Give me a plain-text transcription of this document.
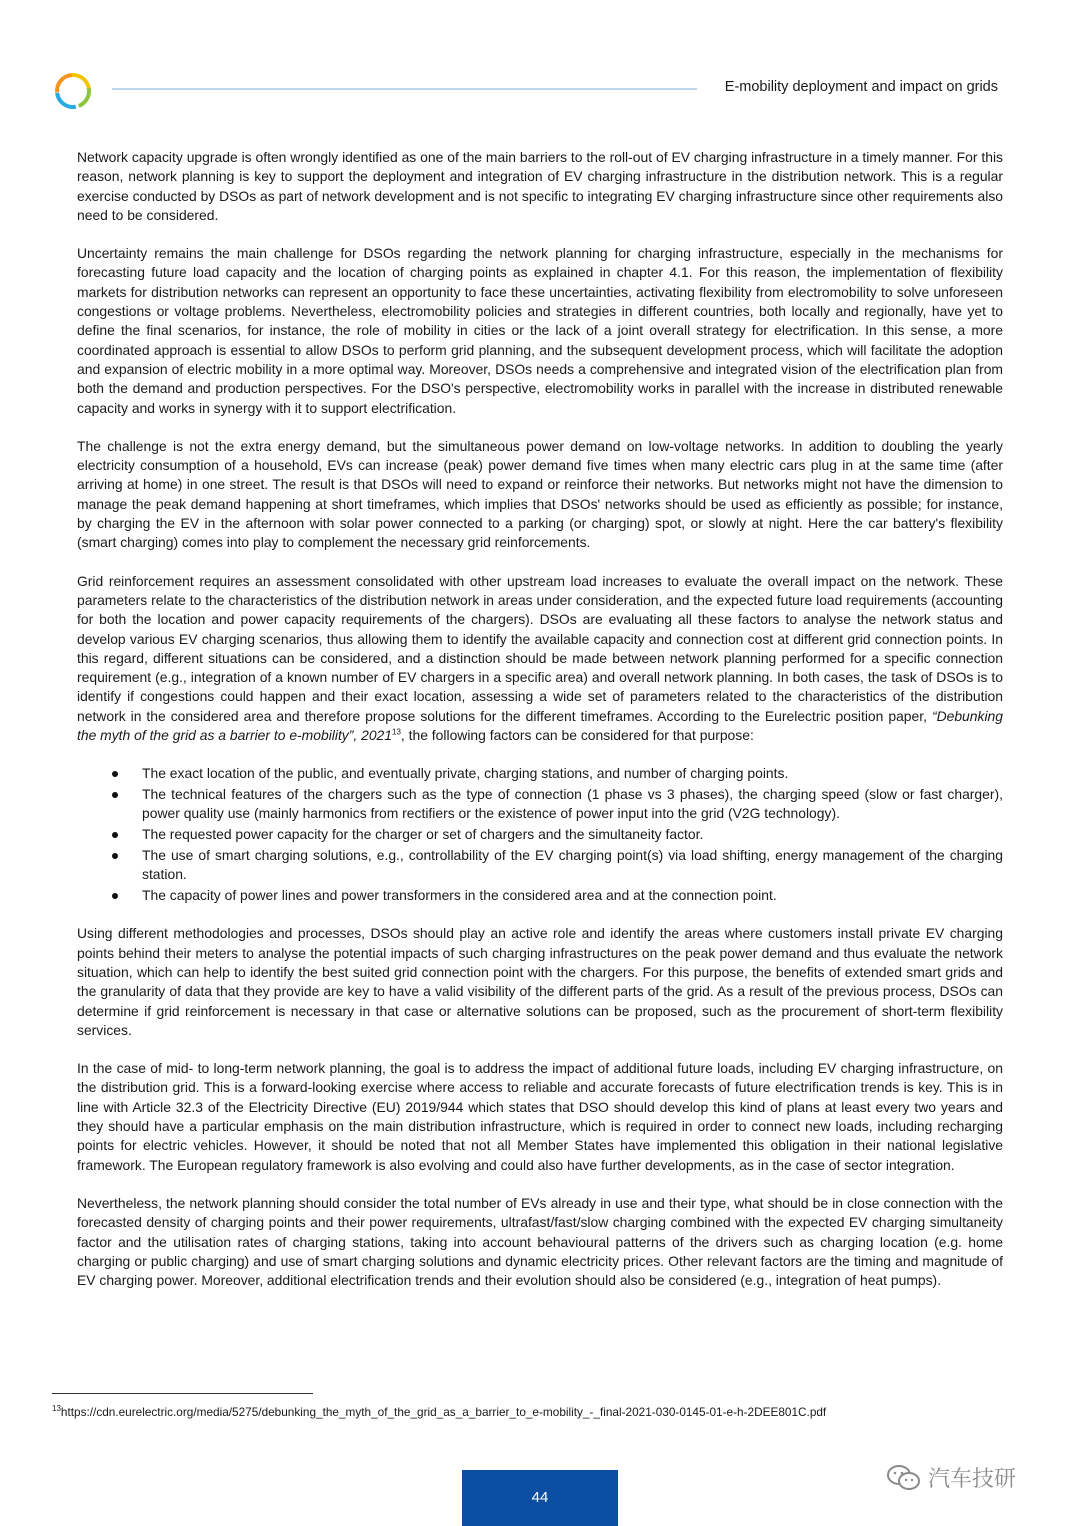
E-mobility deployment and impact on grids

Network capacity upgrade is often wrongly identified as one of the main barriers to the roll-out of EV charging infrastructure in a timely manner. For this reason, network planning is key to support the deployment and integration of EV charging infrastructure in the distribution network. This is a regular exercise conducted by DSOs as part of network development and is not specific to integrating EV charging infrastructure since other requirements also need to be considered.

Uncertainty remains the main challenge for DSOs regarding the network planning for charging infrastructure, especially in the mechanisms for forecasting future load capacity and the location of charging points as explained in chapter 4.1. For this reason, the implementation of flexibility markets for distribution networks can represent an opportunity to face these uncertainties, activating flexibility from electromobility to solve unforeseen congestions or voltage problems. Nevertheless, electromobility policies and strategies in different countries, both locally and regionally, have yet to define the final scenarios, for instance, the role of mobility in cities or the lack of a joint overall strategy for electrification. In this sense, a more coordinated approach is essential to allow DSOs to perform grid planning, and the subsequent development process, which will facilitate the adoption and expansion of electric mobility in a more optimal way. Moreover, DSOs needs a comprehensive and integrated vision of the electrification plan from both the demand and production perspectives. For the DSO's perspective, electromobility works in parallel with the increase in distributed renewable capacity and works in synergy with it to support electrification.

The challenge is not the extra energy demand, but the simultaneous power demand on low-voltage networks. In addition to doubling the yearly electricity consumption of a household, EVs can increase (peak) power demand five times when many electric cars plug in at the same time (after arriving at home) in one street. The result is that DSOs will need to expand or reinforce their networks. But networks might not have the dimension to manage the peak demand happening at short timeframes, which implies that DSOs' networks should be used as efficiently as possible; for instance, by charging the EV in the afternoon with solar power connected to a parking (or charging) spot, or slowly at night. Here the car battery's flexibility (smart charging) comes into play to complement the necessary grid reinforcements.

Grid reinforcement requires an assessment consolidated with other upstream load increases to evaluate the overall impact on the network. These parameters relate to the characteristics of the distribution network in areas under consideration, and the expected future load requirements (accounting for both the location and power capacity requirements of the chargers). DSOs are evaluating all these factors to analyse the network status and develop various EV charging scenarios, thus allowing them to identify the available capacity and connection cost at different grid connection points. In this regard, different situations can be considered, and a distinction should be made between network planning performed for a specific connection requirement (e.g., integration of a known number of EV chargers in a specific area) and overall network planning. In both cases, the task of DSOs is to identify if congestions could happen and their exact location, assessing a wide set of parameters related to the characteristics of the distribution network in the considered area and therefore propose solutions for the different timeframes. According to the Eurelectric position paper, “Debunking the myth of the grid as a barrier to e-mobility”, 2021$^{13}$, the following factors can be considered for that purpose:

The exact location of the public, and eventually private, charging stations, and number of charging points.
The technical features of the chargers such as the type of connection (1 phase vs 3 phases), the charging speed (slow or fast charger), power quality use (mainly harmonics from rectifiers or the existence of power input into the grid (V2G technology).
The requested power capacity for the charger or set of chargers and the simultaneity factor.
The use of smart charging solutions, e.g., controllability of the EV charging point(s) via load shifting, energy management of the charging station.
The capacity of power lines and power transformers in the considered area and at the connection point.

Using different methodologies and processes, DSOs should play an active role and identify the areas where customers install private EV charging points behind their meters to analyse the potential impacts of such charging infrastructures on the peak power demand and thus evaluate the network situation, which can help to identify the best suited grid connection point with the chargers. For this purpose, the benefits of extended smart grids and the granularity of data that they provide are key to have a valid visibility of the different parts of the grid. As a result of the previous process, DSOs can determine if grid reinforcement is necessary in that case or alternative solutions can be proposed, such as the procurement of short-term flexibility services.

In the case of mid- to long-term network planning, the goal is to address the impact of additional future loads, including EV charging infrastructure, on the distribution grid. This is a forward-looking exercise where access to reliable and accurate forecasts of future electrification trends is key. This is in line with Article 32.3 of the Electricity Directive (EU) 2019/944 which states that DSO should develop this kind of plans at least every two years and they should have a particular emphasis on the main distribution infrastructure, which is required in order to connect new loads, including recharging points for electric vehicles. However, it should be noted that not all Member States have implemented this obligation in their national legislative framework. The European regulatory framework is also evolving and could also have further developments, as in the case of sector integration.

Nevertheless, the network planning should consider the total number of EVs already in use and their type, what should be in close connection with the forecasted density of charging points and their power requirements, ultrafast/fast/slow charging combined with the expected EV charging simultaneity factor and the utilisation rates of charging stations, taking into account behavioural patterns of the drivers such as charging location (e.g. home charging or public charging) and use of smart charging solutions and dynamic electricity prices. Other relevant factors are the timing and magnitude of EV charging power. Moreover, additional electrification trends and their evolution should also be considered (e.g., integration of heat pumps).

$^{13}$https://cdn.eurelectric.org/media/5275/debunking_the_myth_of_the_grid_as_a_barrier_to_e-mobility_-_final-2021-030-0145-01-e-h-2DEE801C.pdf
44
汽车技研
